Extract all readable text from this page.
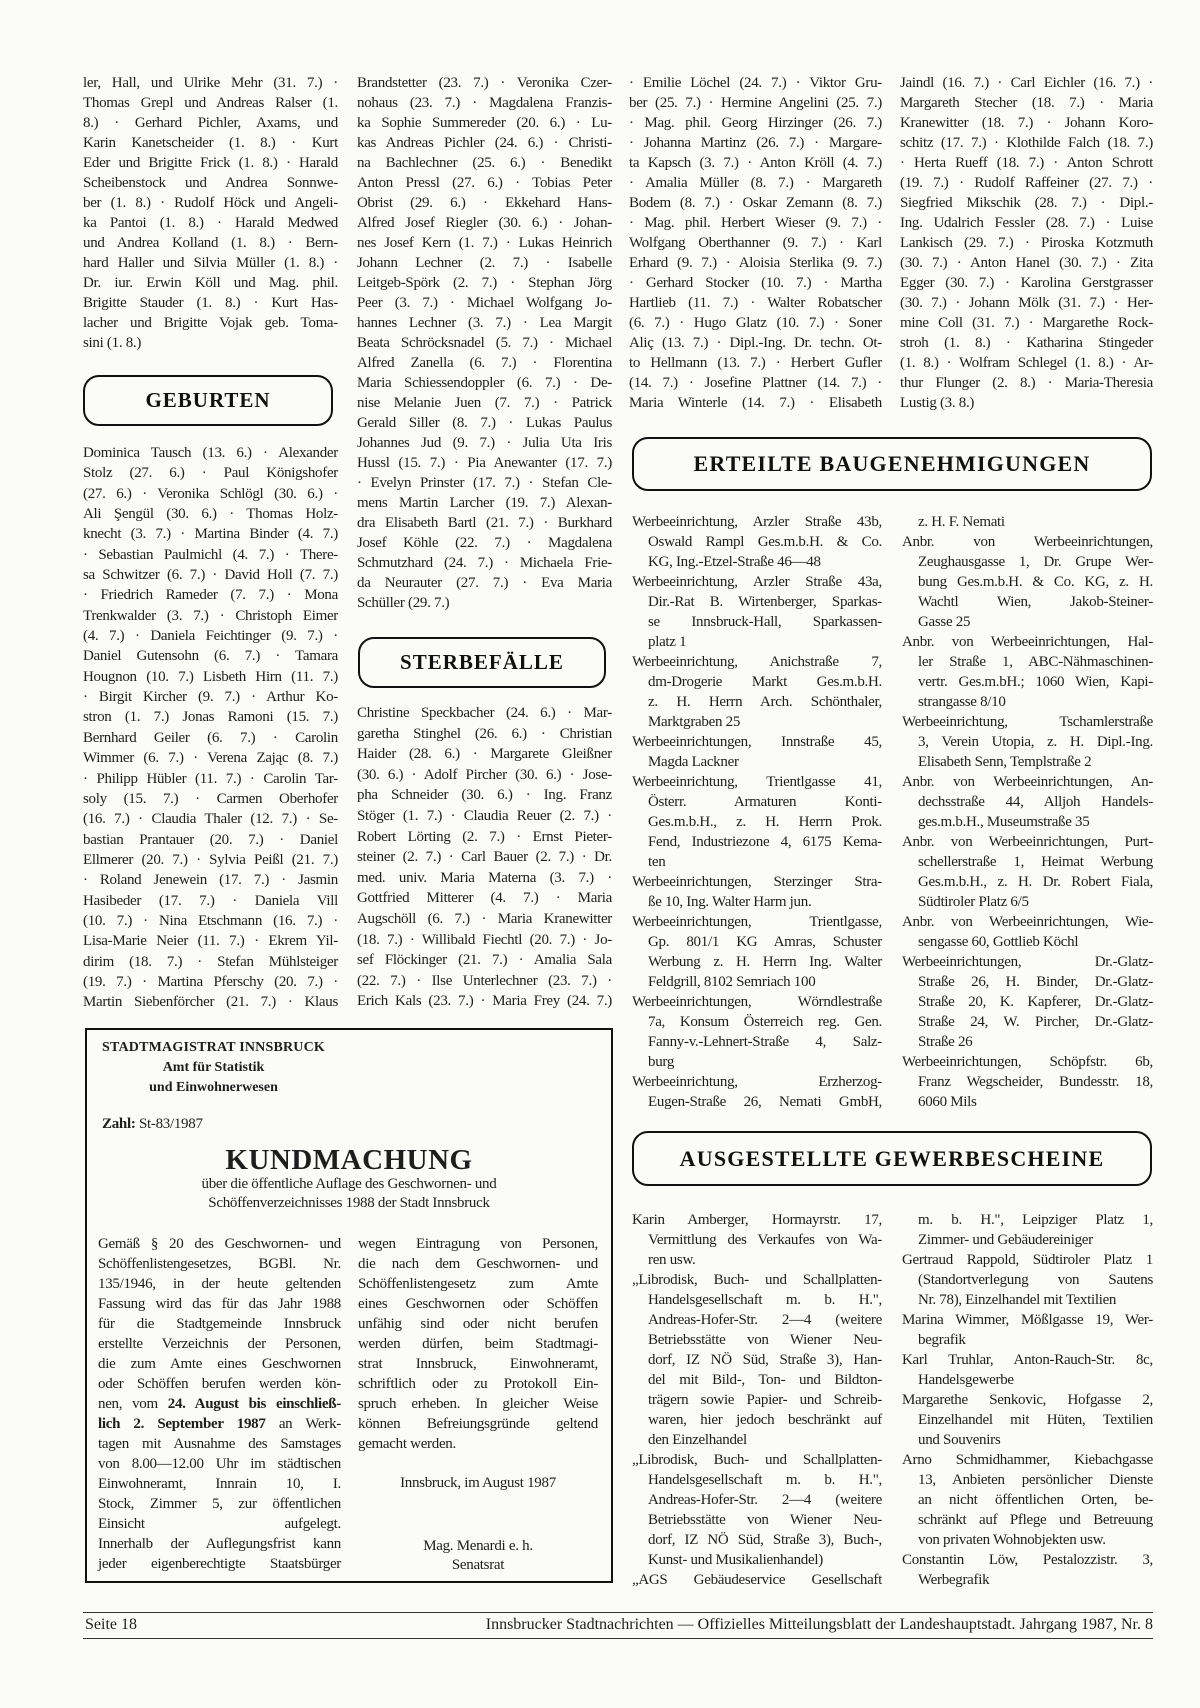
ler, Hall, und Ulrike Mehr (31. 7.) ·
Thomas Grepl und Andreas Ralser (1.
8.) · Gerhard Pichler, Axams, und
Karin Kanetscheider (1. 8.) · Kurt
Eder und Brigitte Frick (1. 8.) · Harald
Scheibenstock und Andrea Sonnwe-
ber (1. 8.) · Rudolf Höck und Angeli-
ka Pantoi (1. 8.) · Harald Medwed
und Andrea Kolland (1. 8.) · Bern-
hard Haller und Silvia Müller (1. 8.) ·
Dr. iur. Erwin Köll und Mag. phil.
Brigitte Stauder (1. 8.) · Kurt Has-
lacher und Brigitte Vojak geb. Toma-
sini (1. 8.)
GEBURTEN
Dominica Tausch (13. 6.) · Alexander
Stolz (27. 6.) · Paul Königshofer
(27. 6.) · Veronika Schlögl (30. 6.) ·
Ali Şengül (30. 6.) · Thomas Holz-
knecht (3. 7.) · Martina Binder (4. 7.)
· Sebastian Paulmichl (4. 7.) · There-
sa Schwitzer (6. 7.) · David Holl (7. 7.)
· Friedrich Rameder (7. 7.) · Mona
Trenkwalder (3. 7.) · Christoph Eimer
(4. 7.) · Daniela Feichtinger (9. 7.) ·
Daniel Gutensohn (6. 7.) · Tamara
Hougnon (10. 7.) Lisbeth Hirn (11. 7.)
· Birgit Kircher (9. 7.) · Arthur Ko-
stron (1. 7.) Jonas Ramoni (15. 7.)
Bernhard Geiler (6. 7.) · Carolin
Wimmer (6. 7.) · Verena Zając (8. 7.)
· Philipp Hübler (11. 7.) · Carolin Tar-
soly (15. 7.) · Carmen Oberhofer
(16. 7.) · Claudia Thaler (12. 7.) · Se-
bastian Prantauer (20. 7.) · Daniel
Ellmerer (20. 7.) · Sylvia Peißl (21. 7.)
· Roland Jenewein (17. 7.) · Jasmin
Hasibeder (17. 7.) · Daniela Vill
(10. 7.) · Nina Etschmann (16. 7.) ·
Lisa-Marie Neier (11. 7.) · Ekrem Yil-
dirim (18. 7.) · Stefan Mühlsteiger
(19. 7.) · Martina Pferschy (20. 7.) ·
Martin Siebenförcher (21. 7.) · Klaus
Brandstetter (23. 7.) · Veronika Czer-
nohaus (23. 7.) · Magdalena Franzis-
ka Sophie Summereder (20. 6.) · Lu-
kas Andreas Pichler (24. 6.) · Christi-
na Bachlechner (25. 6.) · Benedikt
Anton Pressl (27. 6.) · Tobias Peter
Obrist (29. 6.) · Ekkehard Hans-
Alfred Josef Riegler (30. 6.) · Johan-
nes Josef Kern (1. 7.) · Lukas Heinrich
Johann Lechner (2. 7.) · Isabelle
Leitgeb-Spörk (2. 7.) · Stephan Jörg
Peer (3. 7.) · Michael Wolfgang Jo-
hannes Lechner (3. 7.) · Lea Margit
Beata Schröcksnadel (5. 7.) · Michael
Alfred Zanella (6. 7.) · Florentina
Maria Schiessendoppler (6. 7.) · De-
nise Melanie Juen (7. 7.) · Patrick
Gerald Siller (8. 7.) · Lukas Paulus
Johannes Jud (9. 7.) · Julia Uta Iris
Hussl (15. 7.) · Pia Anewanter (17. 7.)
· Evelyn Prinster (17. 7.) · Stefan Cle-
mens Martin Larcher (19. 7.) Alexan-
dra Elisabeth Bartl (21. 7.) · Burkhard
Josef Köhle (22. 7.) · Magdalena
Schmutzhard (24. 7.) · Michaela Frie-
da Neurauter (27. 7.) · Eva Maria
Schüller (29. 7.)
STERBEFÄLLE
Christine Speckbacher (24. 6.) · Mar-
garetha Stinghel (26. 6.) · Christian
Haider (28. 6.) · Margarete Gleißner
(30. 6.) · Adolf Pircher (30. 6.) · Jose-
pha Schneider (30. 6.) · Ing. Franz
Stöger (1. 7.) · Claudia Reuer (2. 7.) ·
Robert Lörting (2. 7.) · Ernst Pieter-
steiner (2. 7.) · Carl Bauer (2. 7.) · Dr.
med. univ. Maria Materna (3. 7.) ·
Gottfried Mitterer (4. 7.) · Maria
Augschöll (6. 7.) · Maria Kranewitter
(18. 7.) · Willibald Fiechtl (20. 7.) · Jo-
sef Flöckinger (21. 7.) · Amalia Sala
(22. 7.) · Ilse Unterlechner (23. 7.) ·
Erich Kals (23. 7.) · Maria Frey (24. 7.)
· Emilie Löchel (24. 7.) · Viktor Gru-
ber (25. 7.) · Hermine Angelini (25. 7.)
· Mag. phil. Georg Hirzinger (26. 7.)
· Johanna Martinz (26. 7.) · Margare-
ta Kapsch (3. 7.) · Anton Kröll (4. 7.)
· Amalia Müller (8. 7.) · Margareth
Bodem (8. 7.) · Oskar Zemann (8. 7.)
· Mag. phil. Herbert Wieser (9. 7.) ·
Wolfgang Oberthanner (9. 7.) · Karl
Erhard (9. 7.) · Aloisia Sterlika (9. 7.)
· Gerhard Stocker (10. 7.) · Martha
Hartlieb (11. 7.) · Walter Robatscher
(6. 7.) · Hugo Glatz (10. 7.) · Soner
Aliç (13. 7.) · Dipl.-Ing. Dr. techn. Ot-
to Hellmann (13. 7.) · Herbert Gufler
(14. 7.) · Josefine Plattner (14. 7.) ·
Maria Winterle (14. 7.) · Elisabeth
Jaindl (16. 7.) · Carl Eichler (16. 7.) ·
Margareth Stecher (18. 7.) · Maria
Kranewitter (18. 7.) · Johann Koro-
schitz (17. 7.) · Klothilde Falch (18. 7.)
· Herta Rueff (18. 7.) · Anton Schrott
(19. 7.) · Rudolf Raffeiner (27. 7.) ·
Siegfried Mikschik (28. 7.) · Dipl.-
Ing. Udalrich Fessler (28. 7.) · Luise
Lankisch (29. 7.) · Piroska Kotzmuth
(30. 7.) · Anton Hanel (30. 7.) · Zita
Egger (30. 7.) · Karolina Gerstgrasser
(30. 7.) · Johann Mölk (31. 7.) · Her-
mine Coll (31. 7.) · Margarethe Rock-
stroh (1. 8.) · Katharina Stingeder
(1. 8.) · Wolfram Schlegel (1. 8.) · Ar-
thur Flunger (2. 8.) · Maria-Theresia
Lustig (3. 8.)
ERTEILTE BAUGENEHMIGUNGEN
Werbeeinrichtung, Arzler Straße 43b,
Oswald Rampl Ges.m.b.H. & Co.
KG, Ing.-Etzel-Straße 46—48
Werbeeinrichtung, Arzler Straße 43a,
Dir.-Rat B. Wirtenberger, Sparkas-
se Innsbruck-Hall, Sparkassen-
platz 1
Werbeeinrichtung, Anichstraße 7,
dm-Drogerie Markt Ges.m.b.H.
z. H. Herrn Arch. Schönthaler,
Marktgraben 25
Werbeeinrichtungen, Innstraße 45,
Magda Lackner
Werbeeinrichtung, Trientlgasse 41,
Österr. Armaturen Konti-
Ges.m.b.H., z. H. Herrn Prok.
Fend, Industriezone 4, 6175 Kema-
ten
Werbeeinrichtungen, Sterzinger Stra-
ße 10, Ing. Walter Harm jun.
Werbeeinrichtungen, Trientlgasse,
Gp. 801/1 KG Amras, Schuster
Werbung z. H. Herrn Ing. Walter
Feldgrill, 8102 Semriach 100
Werbeeinrichtungen, Wörndlestraße
7a, Konsum Österreich reg. Gen.
Fanny-v.-Lehnert-Straße 4, Salz-
burg
Werbeeinrichtung, Erzherzog-
Eugen-Straße 26, Nemati GmbH,
z. H. F. Nemati
Anbr. von Werbeeinrichtungen,
Zeughausgasse 1, Dr. Grupe Wer-
bung Ges.m.b.H. & Co. KG, z. H.
Wachtl Wien, Jakob-Steiner-
Gasse 25
Anbr. von Werbeeinrichtungen, Hal-
ler Straße 1, ABC-Nähmaschinen-
vertr. Ges.m.bH.; 1060 Wien, Kapi-
strangasse 8/10
Werbeeinrichtung, Tschamlerstraße
3, Verein Utopia, z. H. Dipl.-Ing.
Elisabeth Senn, Templstraße 2
Anbr. von Werbeeinrichtungen, An-
dechsstraße 44, Alljoh Handels-
ges.m.b.H., Museumstraße 35
Anbr. von Werbeeinrichtungen, Purt-
schellerstraße 1, Heimat Werbung
Ges.m.b.H., z. H. Dr. Robert Fiala,
Südtiroler Platz 6/5
Anbr. von Werbeeinrichtungen, Wie-
sengasse 60, Gottlieb Köchl
Werbeeinrichtungen, Dr.-Glatz-
Straße 26, H. Binder, Dr.-Glatz-
Straße 20, K. Kapferer, Dr.-Glatz-
Straße 24, W. Pircher, Dr.-Glatz-
Straße 26
Werbeeinrichtungen, Schöpfstr. 6b,
Franz Wegscheider, Bundesstr. 18,
6060 Mils
AUSGESTELLTE GEWERBESCHEINE
Karin Amberger, Hormayrstr. 17,
Vermittlung des Verkaufes von Wa-
ren usw.
„Librodisk, Buch- und Schallplatten-
Handelsgesellschaft m. b. H.",
Andreas-Hofer-Str. 2—4 (weitere
Betriebsstätte von Wiener Neu-
dorf, IZ NÖ Süd, Straße 3), Han-
del mit Bild-, Ton- und Bildton-
trägern sowie Papier- und Schreib-
waren, hier jedoch beschränkt auf
den Einzelhandel
„Librodisk, Buch- und Schallplatten-
Handelsgesellschaft m. b. H.",
Andreas-Hofer-Str. 2—4 (weitere
Betriebsstätte von Wiener Neu-
dorf, IZ NÖ Süd, Straße 3), Buch-,
Kunst- und Musikalienhandel)
„AGS Gebäudeservice Gesellschaft
m. b. H.", Leipziger Platz 1,
Zimmer- und Gebäudereiniger
Gertraud Rappold, Südtiroler Platz 1
(Standortverlegung von Sautens
Nr. 78), Einzelhandel mit Textilien
Marina Wimmer, Mößlgasse 19, Wer-
begrafik
Karl Truhlar, Anton-Rauch-Str. 8c,
Handelsgewerbe
Margarethe Senkovic, Hofgasse 2,
Einzelhandel mit Hüten, Textilien
und Souvenirs
Arno Schmidhammer, Kiebachgasse
13, Anbieten persönlicher Dienste
an nicht öffentlichen Orten, be-
schränkt auf Pflege und Betreuung
von privaten Wohnobjekten usw.
Constantin Löw, Pestalozzistr. 3,
Werbegrafik
STADTMAGISTRAT INNSBRUCK
Amt für Statistik
und Einwohnerwesen
Zahl: St-83/1987
KUNDMACHUNG
über die öffentliche Auflage des Geschwornen- und
Schöffenverzeichnisses 1988 der Stadt Innsbruck
Gemäß § 20 des Geschwornen- und
Schöffenlistengesetzes, BGBl. Nr.
135/1946, in der heute geltenden
Fassung wird das für das Jahr 1988
für die Stadtgemeinde Innsbruck
erstellte Verzeichnis der Personen,
die zum Amte eines Geschwornen
oder Schöffen berufen werden kön-
nen, vom 24. August bis einschließ-
lich 2. September 1987 an Werk-
tagen mit Ausnahme des Samstages
von 8.00—12.00 Uhr im städtischen
Einwohneramt, Innrain 10, I.
Stock, Zimmer 5, zur öffentlichen
Einsicht aufgelegt.
Innerhalb der Auflegungsfrist kann
jeder eigenberechtigte Staatsbürger
wegen Eintragung von Personen,
die nach dem Geschwornen- und
Schöffenlistengesetz zum Amte
eines Geschwornen oder Schöffen
unfähig sind oder nicht berufen
werden dürfen, beim Stadtmagi-
strat Innsbruck, Einwohneramt,
schriftlich oder zu Protokoll Ein-
spruch erheben. In gleicher Weise
können Befreiungsgründe geltend
gemacht werden.
Innsbruck, im August 1987
Mag. Menardi e. h.
Senatsrat
Seite 18	Innsbrucker Stadtnachrichten — Offizielles Mitteilungsblatt der Landeshauptstadt. Jahrgang 1987, Nr. 8
